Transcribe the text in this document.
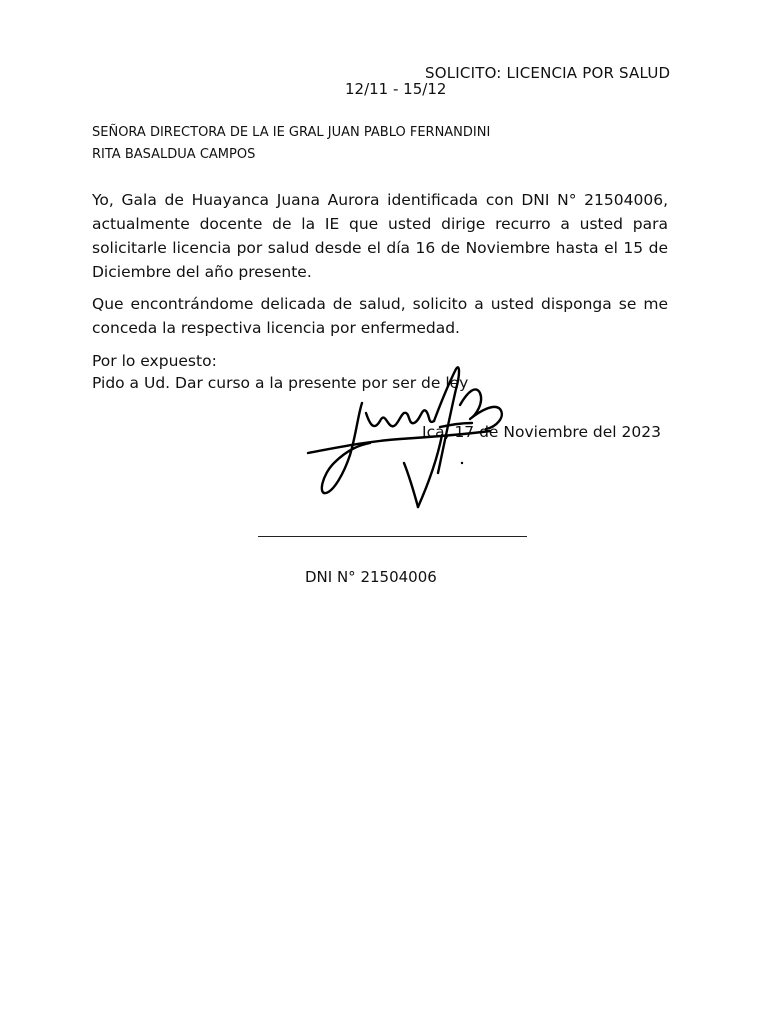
SOLICITO: LICENCIA POR SALUD
12/11 - 15/12
SEÑORA DIRECTORA DE LA IE GRAL JUAN PABLO FERNANDINI
RITA BASALDUA CAMPOS
Yo, Gala de Huayanca Juana Aurora identificada con DNI N° 21504006, actualmente docente de la IE que usted dirige recurro a usted para solicitarle licencia por salud desde el día 16 de Noviembre hasta el 15 de Diciembre del año presente.
Que encontrándome delicada de salud, solicito a usted disponga se me conceda la respectiva licencia por enfermedad.
Por lo expuesto:
Pido a Ud. Dar curso a la presente por ser de ley
Ica, 17 de Noviembre del 2023
DNI N° 21504006
